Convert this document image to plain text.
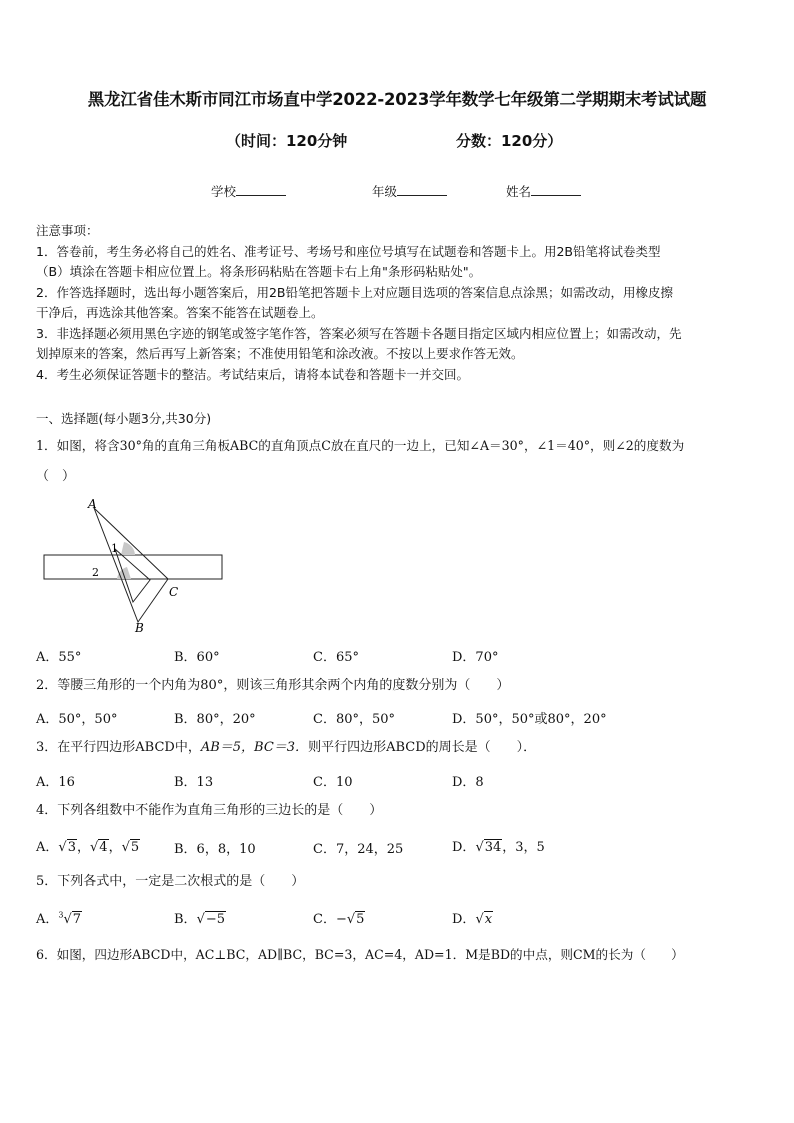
黑龙江省佳木斯市同江市场直中学2022-2023学年数学七年级第二学期期末考试试题
（时间：120分钟	分数：120分）
学校	年级	姓名
注意事项：
1．答卷前，考生务必将自己的姓名、准考证号、考场号和座位号填写在试题卷和答题卡上。用2B铅笔将试卷类型
（B）填涂在答题卡相应位置上。将条形码粘贴在答题卡右上角"条形码粘贴处"。
2．作答选择题时，选出每小题答案后，用2B铅笔把答题卡上对应题目选项的答案信息点涂黑；如需改动，用橡皮擦
干净后，再选涂其他答案。答案不能答在试题卷上。
3．非选择题必须用黑色字迹的钢笔或签字笔作答，答案必须写在答题卡各题目指定区域内相应位置上；如需改动，先
划掉原来的答案，然后再写上新答案；不准使用铅笔和涂改液。不按以上要求作答无效。
4．考生必须保证答题卡的整洁。考试结束后，请将本试卷和答题卡一并交回。
一、选择题(每小题3分,共30分)
1．如图，将含30°角的直角三角板ABC的直角顶点C放在直尺的一边上，已知∠A＝30°，∠1＝40°，则∠2的度数为
（　）
A
B
C
1
2
A．55°	B．60°	C．65°	D．70°
2．等腰三角形的一个内角为80°，则该三角形其余两个内角的度数分别为（　　）
A．50°，50°	B．80°，20°	C．80°，50°	D．50°，50°或80°，20°
3．在平行四边形ABCD中，AB＝5，BC＝3．则平行四边形ABCD的周长是（　　）．
A．16	B．13	C．10	D．8
4．下列各组数中不能作为直角三角形的三边长的是（　　）
A．√3，√4，√5	B．6，8，10	C．7，24，25	D．√34，3，5
5．下列各式中，一定是二次根式的是（　　）
A．$^3$√7	B．√−5	C．−√5	D．√x
6．如图，四边形ABCD中，AC⊥BC，AD∥BC，BC=3，AC=4，AD=1．M是BD的中点，则CM的长为（　　）
